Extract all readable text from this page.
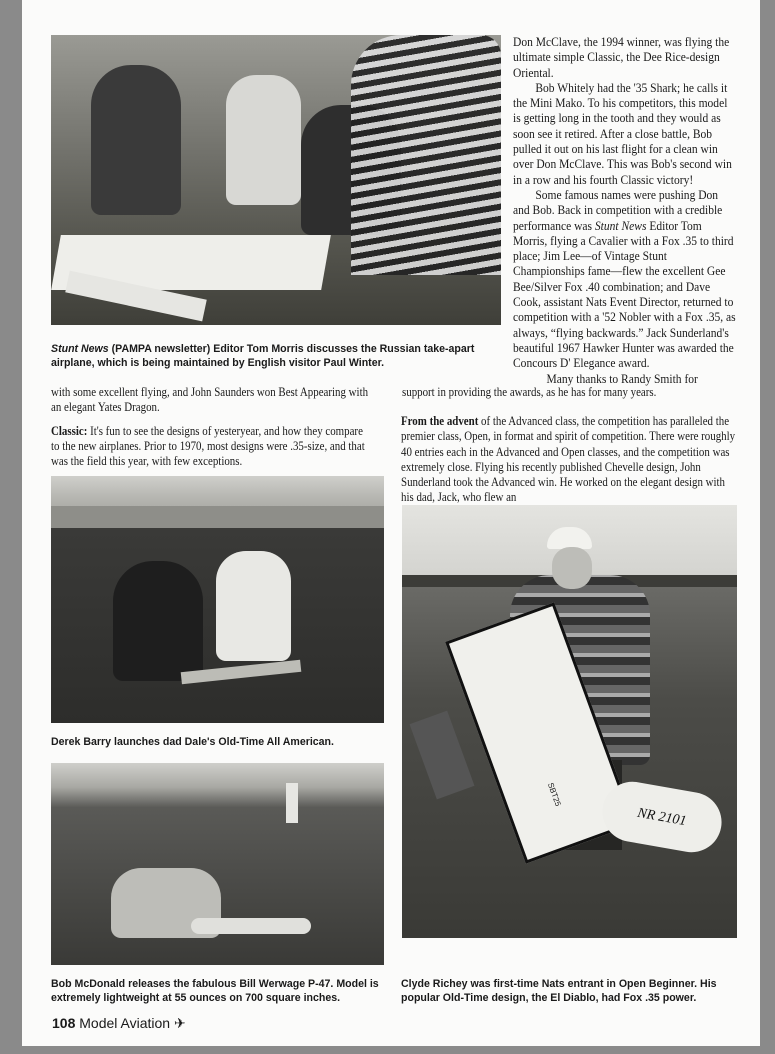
Stunt News (PAMPA newsletter) Editor Tom Morris discusses the Russian take-apart airplane, which is being maintained by English visitor Paul Winter.

Don McClave, the 1994 winner, was flying the ultimate simple Classic, the Dee Rice-design Oriental.

Bob Whitely had the '35 Shark; he calls it the Mini Mako. To his competitors, this model is getting long in the tooth and they would as soon see it retired. After a close battle, Bob pulled it out on his last flight for a clean win over Don McClave. This was Bob's second win in a row and his fourth Classic victory!

Some famous names were pushing Don and Bob. Back in competition with a credible performance was Stunt News Editor Tom Morris, flying a Cavalier with a Fox .35 to third place; Jim Lee—of Vintage Stunt Championships fame—flew the excellent Gee Bee/Silver Fox .40 combination; and Dave Cook, assistant Nats Event Director, returned to competition with a '52 Nobler with a Fox .35, as always, “flying backwards.” Jack Sunderland's beautiful 1967 Hawker Hunter was awarded the Concours D' Elegance award.

Many thanks to Randy Smith for

support in providing the awards, as he has for many years.

with some excellent flying, and John Saunders won Best Appearing with an elegant Yates Dragon.

Classic: It's fun to see the designs of yesteryear, and how they compare to the new airplanes. Prior to 1970, most designs were .35-size, and that was the field this year, with few exceptions.

From the advent of the Advanced class, the competition has paralleled the premier class, Open, in format and spirit of competition. There were roughly 40 entries each in the Advanced and Open classes, and the competition was extremely close. Flying his recently published Chevelle design, John Sunderland took the Advanced win. He worked on the elegant design with his dad, Jack, who flew an
Derek Barry launches dad Dale's Old-Time All American.
Bob McDonald releases the fabulous Bill Werwage P-47. Model is extremely lightweight at 55 ounces on 700 square inches.
NR 2101
SBT25
Clyde Richey was first-time Nats entrant in Open Beginner. His popular Old-Time design, the El Diablo, had Fox .35 power.
108 Model Aviation ✈
